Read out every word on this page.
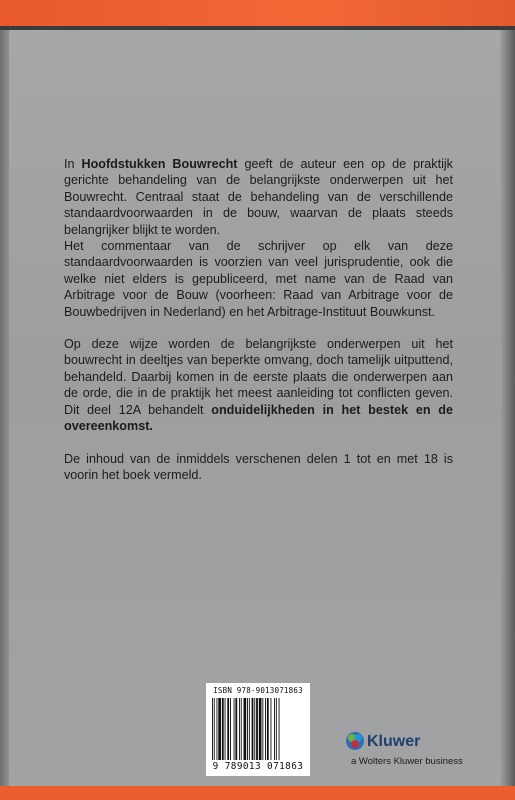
In Hoofdstukken Bouwrecht geeft de auteur een op de praktijk gerichte behandeling van de belangrijkste onderwerpen uit het Bouwrecht. Centraal staat de behandeling van de verschillende standaardvoorwaarden in de bouw, waarvan de plaats steeds belangrijker blijkt te worden.

Het commentaar van de schrijver op elk van deze standaardvoorwaarden is voorzien van veel jurisprudentie, ook die welke niet elders is gepubliceerd, met name van de Raad van Arbitrage voor de Bouw (voorheen: Raad van Arbitrage voor de Bouwbedrijven in Nederland) en het Arbitrage-Instituut Bouwkunst.

Op deze wijze worden de belangrijkste onderwerpen uit het bouwrecht in deeltjes van beperkte omvang, doch tamelijk uitputtend, behandeld. Daarbij komen in de eerste plaats die onderwerpen aan de orde, die in de praktijk het meest aanleiding tot conflicten geven. Dit deel 12A behandelt onduidelijkheden in het bestek en de overeenkomst.

De inhoud van de inmiddels verschenen delen 1 tot en met 18 is voorin het boek vermeld.

ISBN 978-9013071863
9 789013 071863
Kluwer
a Wolters Kluwer business
